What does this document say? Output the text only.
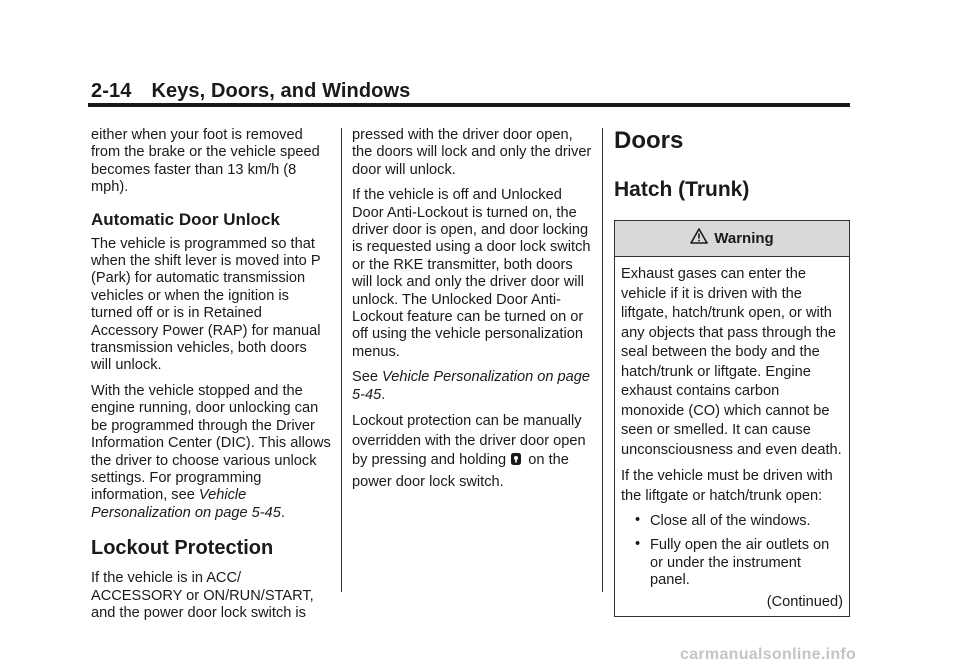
2-14 Keys, Doors, and Windows

either when your foot is removed from the brake or the vehicle speed becomes faster than 13 km/h (8 mph).

Automatic Door Unlock

The vehicle is programmed so that when the shift lever is moved into P (Park) for automatic transmission vehicles or when the ignition is turned off or is in Retained Accessory Power (RAP) for manual transmission vehicles, both doors will unlock.

With the vehicle stopped and the engine running, door unlocking can be programmed through the Driver Information Center (DIC). This allows the driver to choose various unlock settings. For programming information, see Vehicle Personalization on page 5-45.

Lockout Protection

If the vehicle is in ACC/ ACCESSORY or ON/RUN/START, and the power door lock switch is

pressed with the driver door open, the doors will lock and only the driver door will unlock.

If the vehicle is off and Unlocked Door Anti-Lockout is turned on, the driver door is open, and door locking is requested using a door lock switch or the RKE transmitter, both doors will lock and only the driver door will unlock. The Unlocked Door Anti-Lockout feature can be turned on or off using the vehicle personalization menus.

See Vehicle Personalization on page 5-45.

Lockout protection can be manually overridden with the driver door open by pressing and holding on the power door lock switch.

Doors
Hatch (Trunk)
Warning

Exhaust gases can enter the vehicle if it is driven with the liftgate, hatch/trunk open, or with any objects that pass through the seal between the body and the hatch/trunk or liftgate. Engine exhaust contains carbon monoxide (CO) which cannot be seen or smelled. It can cause unconsciousness and even death.

If the vehicle must be driven with the liftgate or hatch/trunk open:

• Close all of the windows.
• Fully open the air outlets on or under the instrument panel.
(Continued)
carmanualsonline.info
